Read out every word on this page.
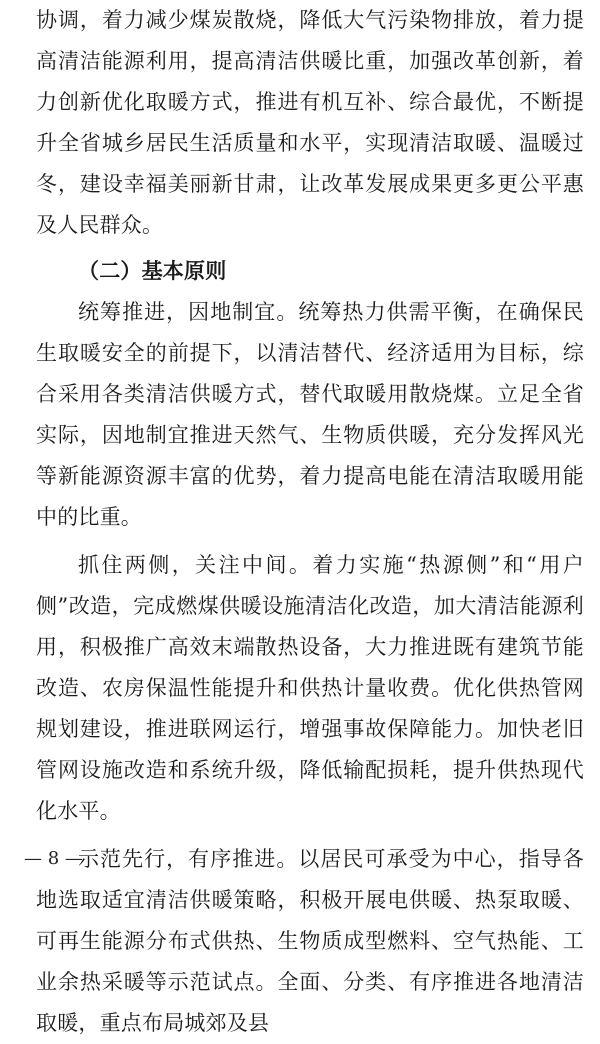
协调，着力减少煤炭散烧，降低大气污染物排放，着力提高清洁能源利用，提高清洁供暖比重，加强改革创新，着力创新优化取暖方式，推进有机互补、综合最优，不断提升全省城乡居民生活质量和水平，实现清洁取暖、温暖过冬，建设幸福美丽新甘肃，让改革发展成果更多更公平惠及人民群众。

（二）基本原则

统筹推进，因地制宜。统筹热力供需平衡，在确保民生取暖安全的前提下，以清洁替代、经济适用为目标，综合采用各类清洁供暖方式，替代取暖用散烧煤。立足全省实际，因地制宜推进天然气、生物质供暖，充分发挥风光等新能源资源丰富的优势，着力提高电能在清洁取暖用能中的比重。

抓住两侧，关注中间。着力实施“热源侧”和“用户侧”改造，完成燃煤供暖设施清洁化改造，加大清洁能源利用，积极推广高效末端散热设备，大力推进既有建筑节能改造、农房保温性能提升和供热计量收费。优化供热管网规划建设，推进联网运行，增强事故保障能力。加快老旧管网设施改造和系统升级，降低输配损耗，提升供热现代化水平。

示范先行，有序推进。以居民可承受为中心，指导各地选取适宜清洁供暖策略，积极开展电供暖、热泵取暖、可再生能源分布式供热、生物质成型燃料、空气热能、工业余热采暖等示范试点。全面、分类、有序推进各地清洁取暖，重点布局城郊及县

— 8 —
